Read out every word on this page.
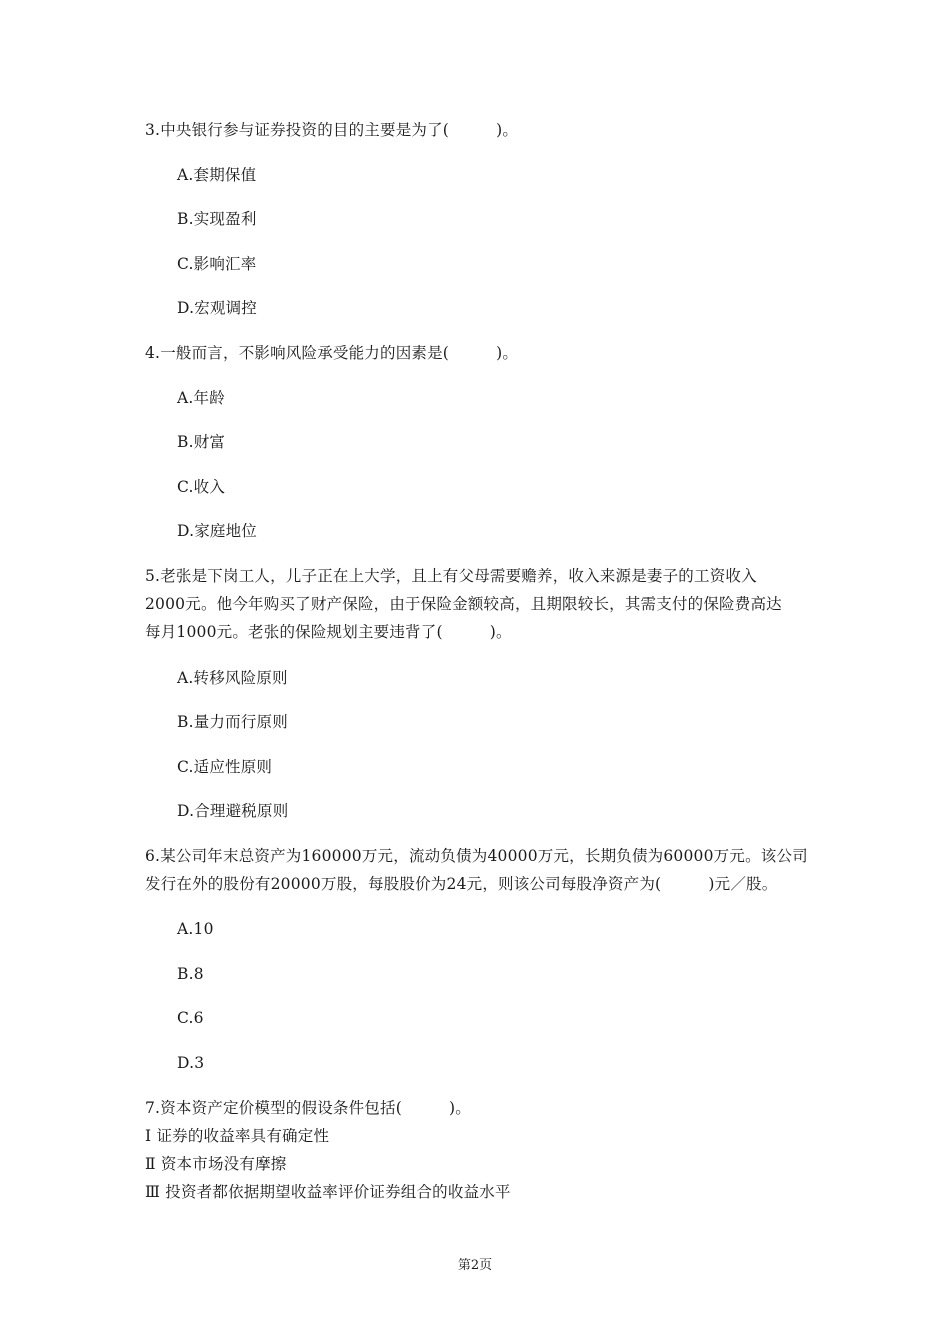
3.中央银行参与证券投资的目的主要是为了(　　　)。
A.套期保值
B.实现盈利
C.影响汇率
D.宏观调控
4.一般而言，不影响风险承受能力的因素是(　　　)。
A.年龄
B.财富
C.收入
D.家庭地位
5.老张是下岗工人，儿子正在上大学，且上有父母需要赡养，收入来源是妻子的工资收入
2000元。他今年购买了财产保险，由于保险金额较高，且期限较长，其需支付的保险费高达
每月1000元。老张的保险规划主要违背了(　　　)。
A.转移风险原则
B.量力而行原则
C.适应性原则
D.合理避税原则
6.某公司年末总资产为160000万元，流动负债为40000万元，长期负债为60000万元。该公司
发行在外的股份有20000万股，每股股价为24元，则该公司每股净资产为(　　　)元／股。
A.10
B.8
C.6
D.3
7.资本资产定价模型的假设条件包括(　　　)。
Ⅰ 证券的收益率具有确定性
Ⅱ 资本市场没有摩擦
Ⅲ 投资者都依据期望收益率评价证券组合的收益水平
第2页
